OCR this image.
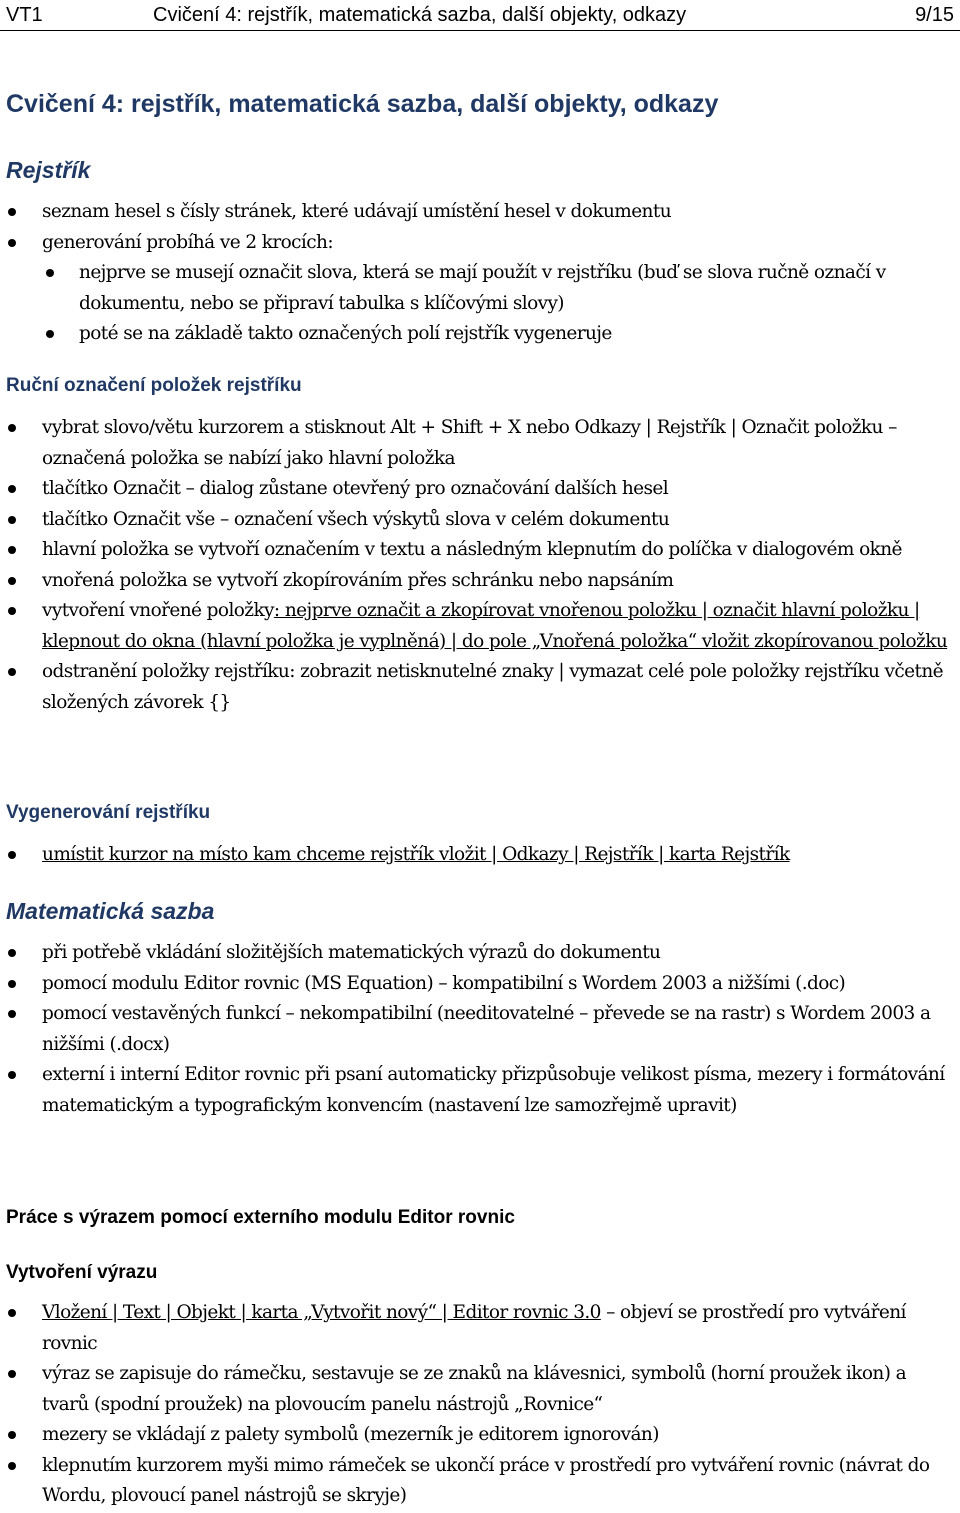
VT1	Cvičení 4: rejstřík, matematická sazba, další objekty, odkazy	9/15
Cvičení 4: rejstřík, matematická sazba, další objekty, odkazy
Rejstřík
seznam hesel s čísly stránek, které udávají umístění hesel v dokumentu
generování probíhá ve 2 krocích:
nejprve se musejí označit slova, která se mají použít v rejstříku (buď se slova ručně označí v dokumentu, nebo se připraví tabulka s klíčovými slovy)
poté se na základě takto označených polí rejstřík vygeneruje
Ruční označení položek rejstříku
vybrat slovo/větu kurzorem a stisknout Alt + Shift + X nebo Odkazy | Rejstřík | Označit položku – označená položka se nabízí jako hlavní položka
tlačítko Označit – dialog zůstane otevřený pro označování dalších hesel
tlačítko Označit vše – označení všech výskytů slova v celém dokumentu
hlavní položka se vytvoří označením v textu a následným klepnutím do políčka v dialogovém okně
vnořená položka se vytvoří zkopírováním přes schránku nebo napsáním
vytvoření vnořené položky: nejprve označit a zkopírovat vnořenou položku | označit hlavní položku | klepnout do okna (hlavní položka je vyplněná) | do pole „Vnořená položka“ vložit zkopírovanou položku
odstranění položky rejstříku: zobrazit netisknutelné znaky | vymazat celé pole položky rejstříku včetně složených závorek {}
Vygenerování rejstříku
umístit kurzor na místo kam chceme rejstřík vložit | Odkazy | Rejstřík | karta Rejstřík
Matematická sazba
při potřebě vkládání složitějších matematických výrazů do dokumentu
pomocí modulu Editor rovnic (MS Equation) – kompatibilní s Wordem 2003 a nižšími (.doc)
pomocí vestavěných funkcí – nekompatibilní (needitovatelné – převede se na rastr) s Wordem 2003 a nižšími (.docx)
externí i interní Editor rovnic při psaní automaticky přizpůsobuje velikost písma, mezery i formátování matematickým a typografickým konvencím (nastavení lze samozřejmě upravit)
Práce s výrazem pomocí externího modulu Editor rovnic
Vytvoření výrazu
Vložení | Text | Objekt | karta „Vytvořit nový“ | Editor rovnic 3.0 – objeví se prostředí pro vytváření rovnic
výraz se zapisuje do rámečku, sestavuje se ze znaků na klávesnici, symbolů (horní proužek ikon) a tvarů (spodní proužek) na plovoucím panelu nástrojů „Rovnice“
mezery se vkládají z palety symbolů (mezerník je editorem ignorován)
klepnutím kurzorem myši mimo rámeček se ukončí práce v prostředí pro vytváření rovnic (návrat do Wordu, plovoucí panel nástrojů se skryje)
